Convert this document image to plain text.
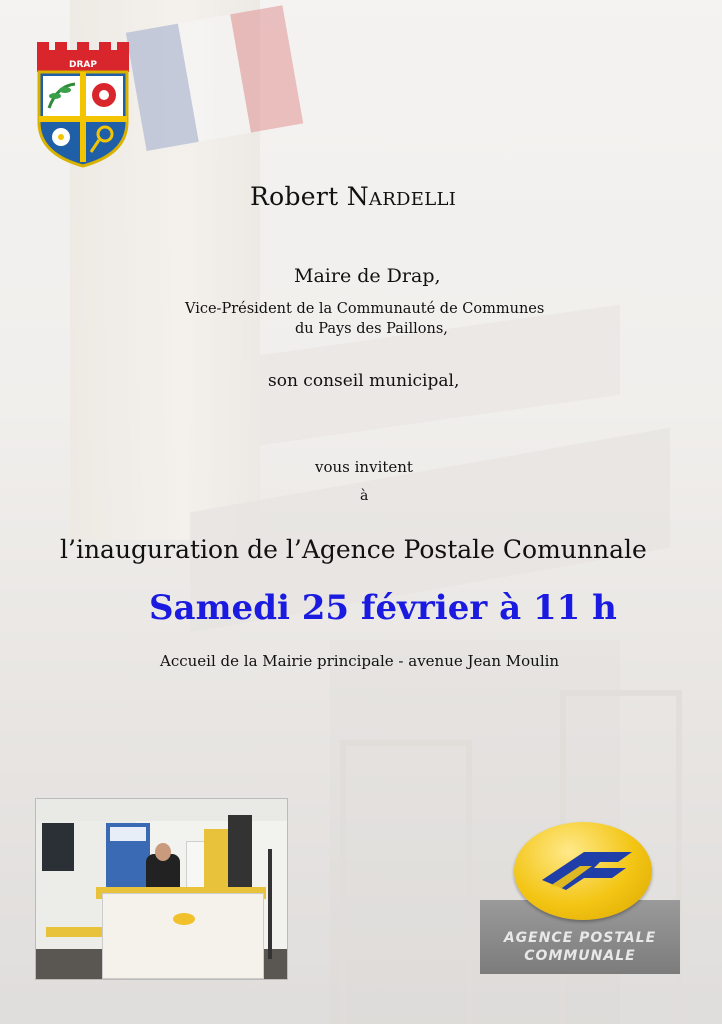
DRAP
Robert Nardelli
Maire de Drap,
Vice-Président de la Communauté de Communes
du Pays des Paillons,
son conseil municipal,
vous invitent
à
l’inauguration de l’Agence Postale Comunnale
Samedi 25 février à 11 h
Accueil de la Mairie principale - avenue Jean Moulin
AGENCE POSTALE
COMMUNALE
